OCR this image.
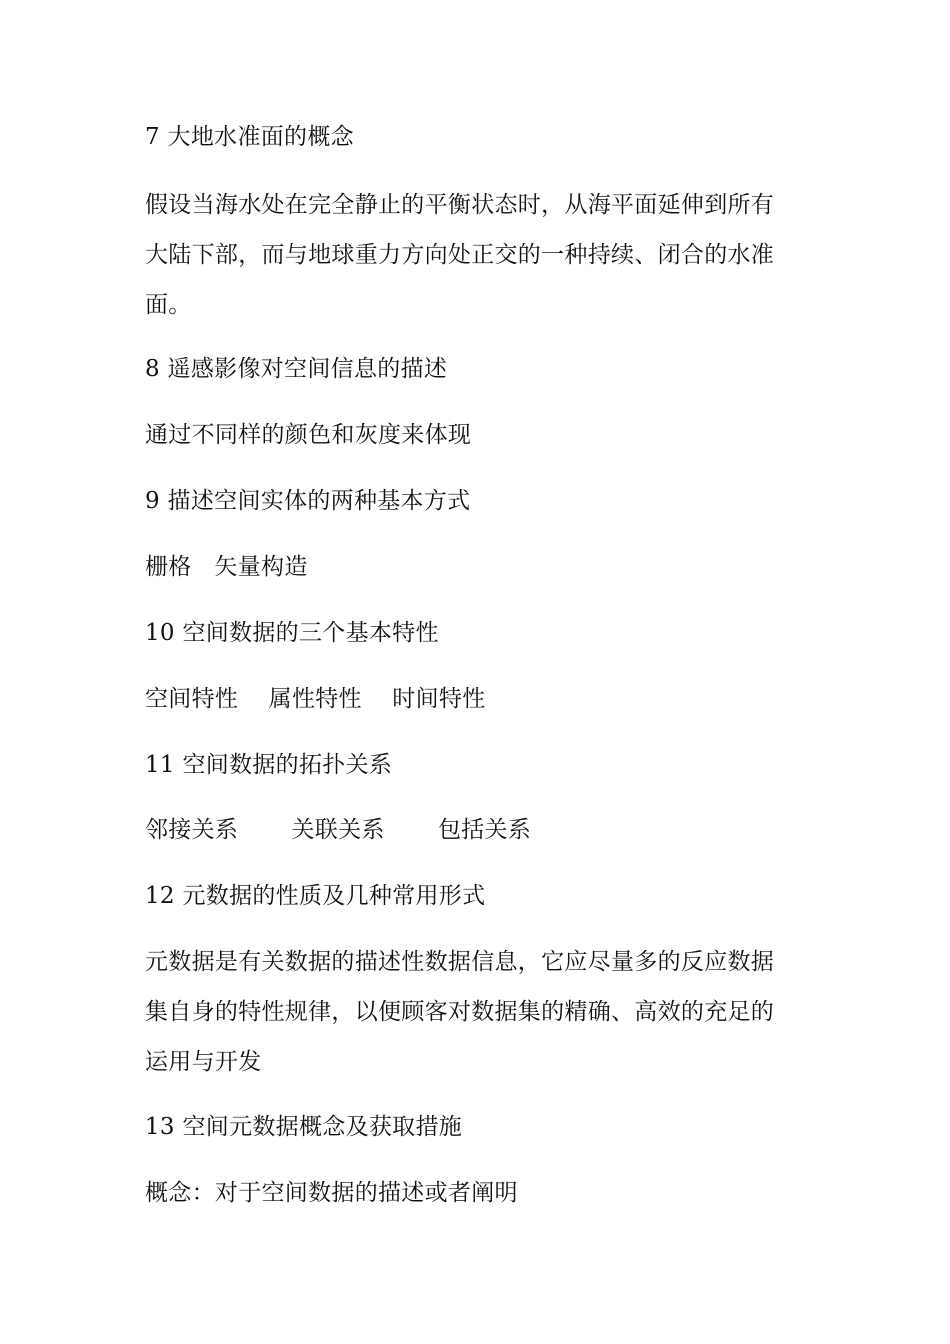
7 大地水准面的概念
假设当海水处在完全静止的平衡状态时，从海平面延伸到所有
大陆下部，而与地球重力方向处正交的一种持续、闭合的水准
面。
8 遥感影像对空间信息的描述
通过不同样的颜色和灰度来体现
9 描述空间实体的两种基本方式
栅格   矢量构造
10 空间数据的三个基本特性
空间特性    属性特性    时间特性
11 空间数据的拓扑关系
邻接关系       关联关系       包括关系
12 元数据的性质及几种常用形式
元数据是有关数据的描述性数据信息，它应尽量多的反应数据
集自身的特性规律，以便顾客对数据集的精确、高效的充足的
运用与开发
13 空间元数据概念及获取措施
概念：对于空间数据的描述或者阐明
